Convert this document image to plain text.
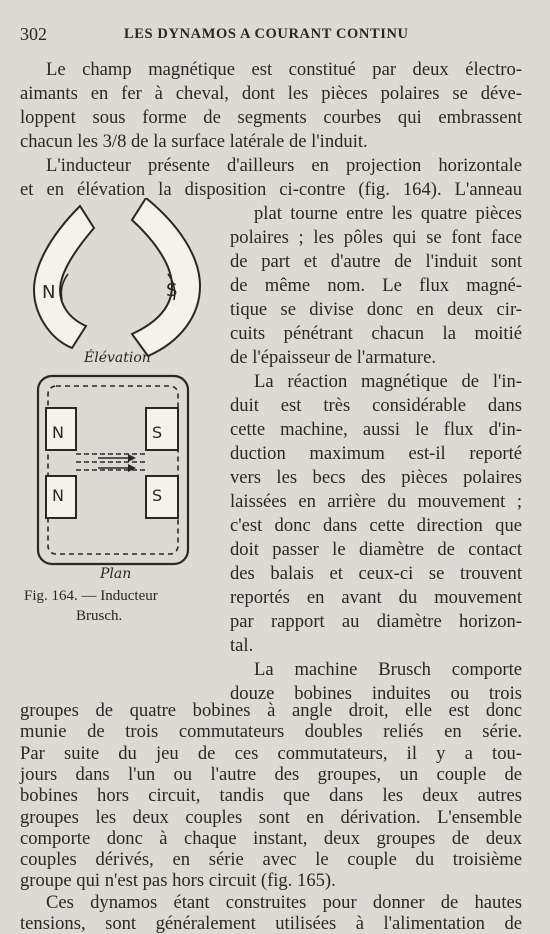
302	LES DYNAMOS A COURANT CONTINU
Le champ magnétique est constitué par deux électro-
aimants en fer à cheval, dont les pièces polaires se déve-
loppent sous forme de segments courbes qui embrassent
chacun les 3/8 de la surface latérale de l'induit.
L'inducteur présente d'ailleurs en projection horizontale
et en élévation la disposition ci-contre (fig. 164). L'anneau
plat tourne entre les quatre pièces
polaires ; les pôles qui se font face
de part et d'autre de l'induit sont
de même nom. Le flux magné-
tique se divise donc en deux cir-
cuits pénétrant chacun la moitié
de l'épaisseur de l'armature.
La réaction magnétique de l'in-
duit est très considérable dans
cette machine, aussi le flux d'in-
duction maximum est-il reporté
vers les becs des pièces polaires
laissées en arrière du mouvement ;
c'est donc dans cette direction que
doit passer le diamètre de contact
des balais et ceux-ci se trouvent
reportés en avant du mouvement
par rapport au diamètre horizon-
tal.
La machine Brusch comporte
douze bobines induites ou trois
groupes de quatre bobines à angle droit, elle est donc
munie de trois commutateurs doubles reliés en série.
Par suite du jeu de ces commutateurs, il y a tou-
jours dans l'un ou l'autre des groupes, un couple de
bobines hors circuit, tandis que dans les deux autres
groupes les deux couples sont en dérivation. L'ensemble
comporte donc à chaque instant, deux groupes de deux
couples dérivés, en série avec le couple du troisième
groupe qui n'est pas hors circuit (fig. 165).
Ces dynamos étant construites pour donner de hautes
tensions, sont généralement utilisées à l'alimentation de
N	S
N	S
N	S
Élévation
Plan
Fig. 164. — Inducteur
Brusch.
